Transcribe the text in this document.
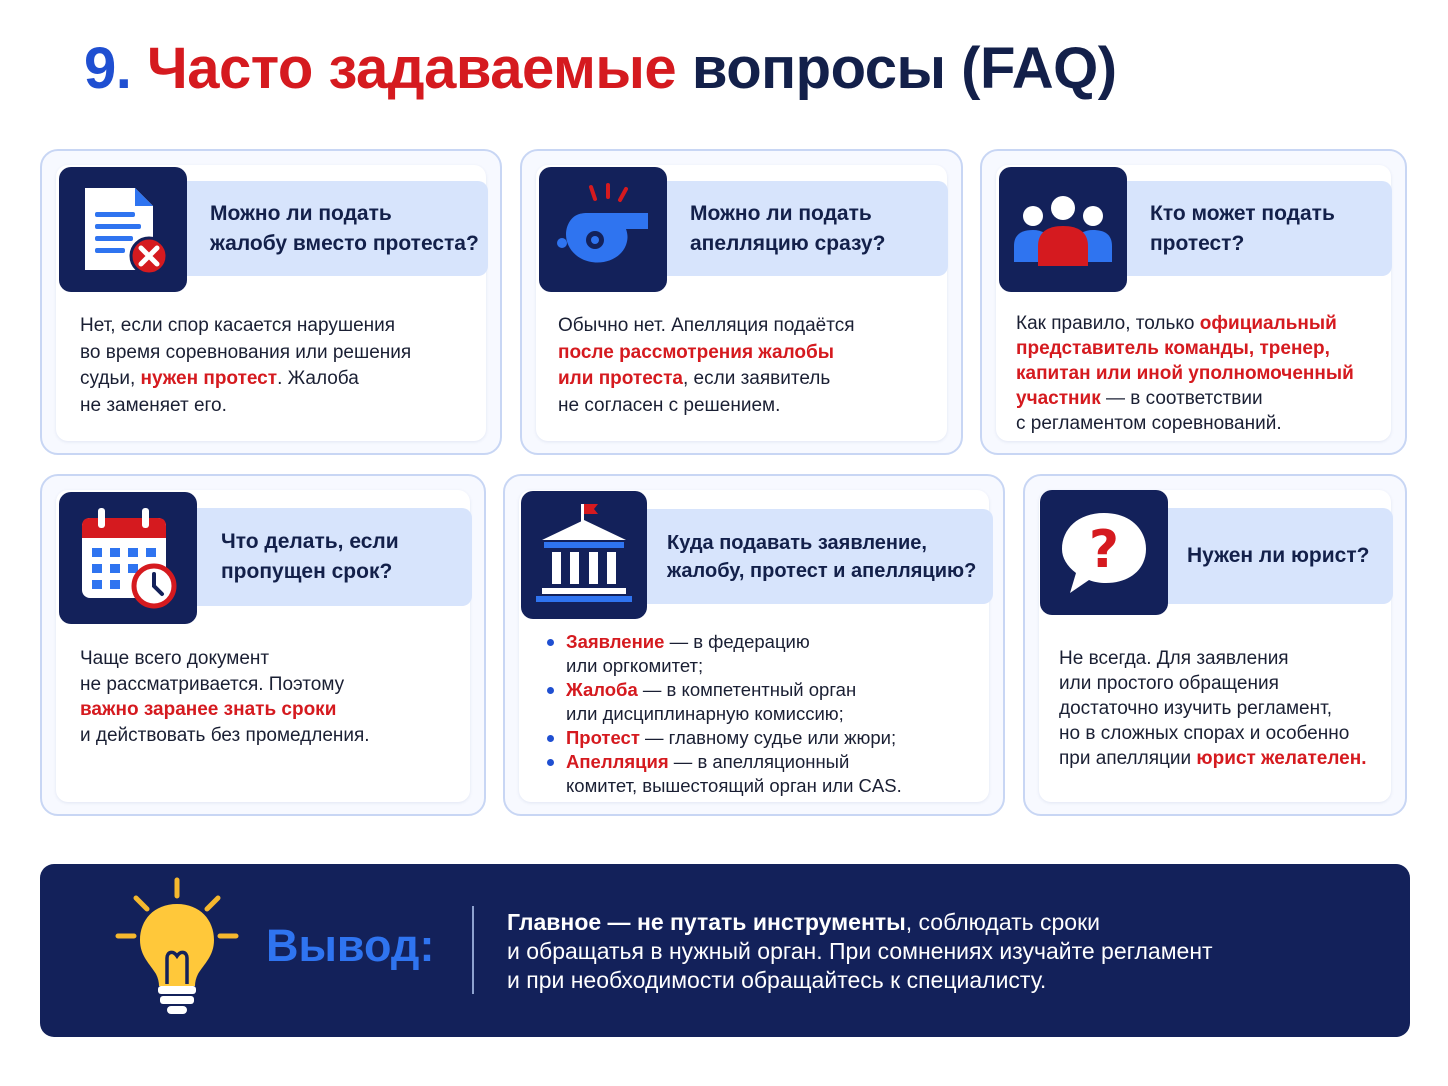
9. Часто задаваемые вопросы (FAQ)
Можно ли подать
жалобу вместо протеста?
Нет, если спор касается нарушения
во время соревнования или решения
судьи, нужен протест. Жалоба
не заменяет его.
Можно ли подать
апелляцию сразу?
Обычно нет. Апелляция подаётся
после рассмотрения жалобы
или протеста, если заявитель
не согласен с решением.
Кто может подать
протест?
Как правило, только официальный
представитель команды, тренер,
капитан или иной уполномоченный
участник — в соответствии
с регламентом соревнований.
Что делать, если
пропущен срок?
Чаще всего документ
не рассматривается. Поэтому
важно заранее знать сроки
и действовать без промедления.
Куда подавать заявление,
жалобу, протест и апелляцию?
Заявление — в федерацию
или оргкомитет;
Жалоба — в компетентный орган
или дисциплинарную комиссию;
Протест — главному судье или жюри;
Апелляция — в апелляционный
комитет, вышестоящий орган или CAS.
Нужен ли юрист?
?
Не всегда. Для заявления
или простого обращения
достаточно изучить регламент,
но в сложных спорах и особенно
при апелляции юрист желателен.
Вывод:	Главное — не путать инструменты, соблюдать сроки
и обращатья в нужный орган. При сомнениях изучайте регламент
и при необходимости обращайтесь к специалисту.
